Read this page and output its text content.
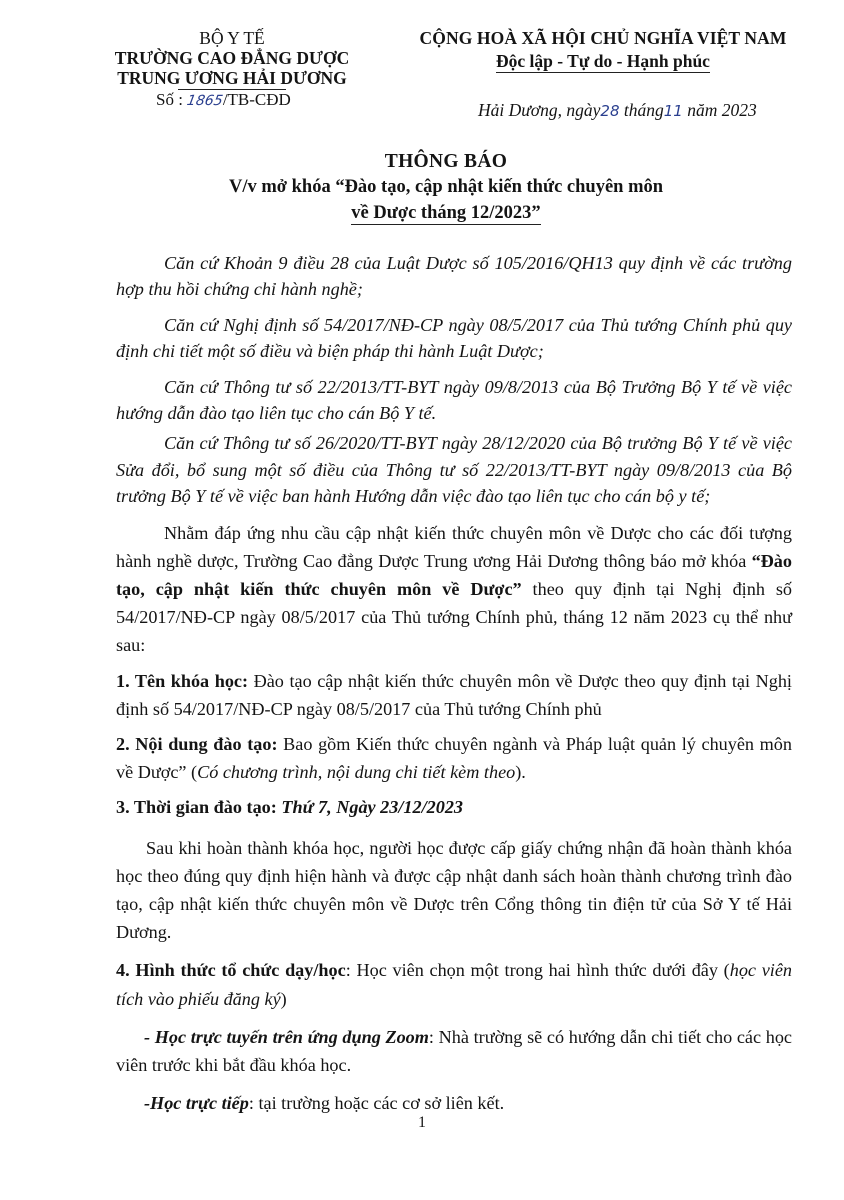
BỘ Y TẾ
TRƯỜNG CAO ĐẲNG DƯỢC
TRUNG ƯƠNG HẢI DƯƠNG
Số : 1865/TB-CĐD
CỘNG HOÀ XÃ HỘI CHỦ NGHĨA VIỆT NAM
Độc lập - Tự do - Hạnh phúc
Hải Dương, ngày28 tháng11 năm 2023
THÔNG BÁO
V/v mở khóa “Đào tạo, cập nhật kiến thức chuyên môn
về Dược tháng 12/2023”

Căn cứ Khoản 9 điều 28 của Luật Dược số 105/2016/QH13 quy định về các trường hợp thu hồi chứng chỉ hành nghề;

Căn cứ Nghị định số 54/2017/NĐ-CP ngày 08/5/2017 của Thủ tướng Chính phủ quy định chi tiết một số điều và biện pháp thi hành Luật Dược;

Căn cứ Thông tư số 22/2013/TT-BYT ngày 09/8/2013 của Bộ Trưởng Bộ Y tế về việc hướng dẫn đào tạo liên tục cho cán Bộ Y tế.

Căn cứ Thông tư số 26/2020/TT-BYT ngày 28/12/2020 của Bộ trưởng Bộ Y tế về việc Sửa đổi, bổ sung một số điều của Thông tư số 22/2013/TT-BYT ngày 09/8/2013 của Bộ trưởng Bộ Y tế về việc ban hành Hướng dẫn việc đào tạo liên tục cho cán bộ y tế;

Nhằm đáp ứng nhu cầu cập nhật kiến thức chuyên môn về Dược cho các đối tượng hành nghề dược, Trường Cao đẳng Dược Trung ương Hải Dương thông báo mở khóa “Đào tạo, cập nhật kiến thức chuyên môn về Dược” theo quy định tại Nghị định số 54/2017/NĐ-CP ngày 08/5/2017 của Thủ tướng Chính phủ, tháng 12 năm 2023 cụ thể như sau:

1. Tên khóa học: Đào tạo cập nhật kiến thức chuyên môn về Dược theo quy định tại Nghị định số 54/2017/NĐ-CP ngày 08/5/2017 của Thủ tướng Chính phủ

2. Nội dung đào tạo: Bao gồm Kiến thức chuyên ngành và Pháp luật quản lý chuyên môn về Dược” (Có chương trình, nội dung chi tiết kèm theo).

3. Thời gian đào tạo: Thứ 7, Ngày 23/12/2023

Sau khi hoàn thành khóa học, người học được cấp giấy chứng nhận đã hoàn thành khóa học theo đúng quy định hiện hành và được cập nhật danh sách hoàn thành chương trình đào tạo, cập nhật kiến thức chuyên môn về Dược trên Cổng thông tin điện tử của Sở Y tế Hải Dương.

4. Hình thức tổ chức dạy/học: Học viên chọn một trong hai hình thức dưới đây (học viên tích vào phiếu đăng ký)

- Học trực tuyến trên ứng dụng Zoom: Nhà trường sẽ có hướng dẫn chi tiết cho các học viên trước khi bắt đầu khóa học.

-Học trực tiếp: tại trường hoặc các cơ sở liên kết.

1
